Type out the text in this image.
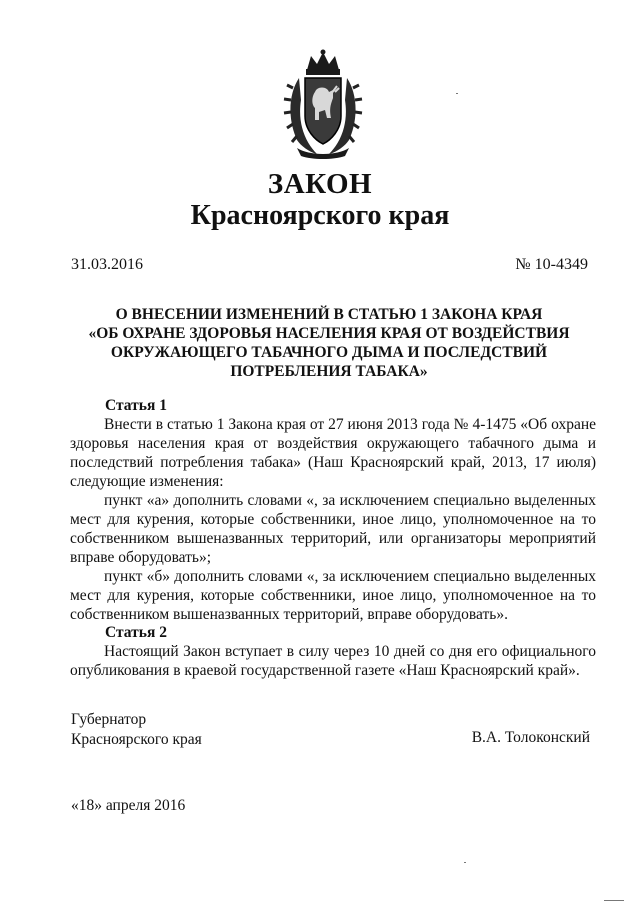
ЗАКОН
Красноярского края
31.03.2016	№ 10-4349
О ВНЕСЕНИИ ИЗМЕНЕНИЙ В СТАТЬЮ 1 ЗАКОНА КРАЯ
«ОБ ОХРАНЕ ЗДОРОВЬЯ НАСЕЛЕНИЯ КРАЯ ОТ ВОЗДЕЙСТВИЯ
ОКРУЖАЮЩЕГО ТАБАЧНОГО ДЫМА И ПОСЛЕДСТВИЙ
ПОТРЕБЛЕНИЯ ТАБАКА»
Статья 1

Внести в статью 1 Закона края от 27 июня 2013 года № 4-1475 «Об охране здоровья населения края от воздействия окружающего табачного дыма и последствий потребления табака» (Наш Красноярский край, 2013, 17 июля) следующие изменения:

пункт «а» дополнить словами «, за исключением специально выделенных мест для курения, которые собственники, иное лицо, уполномоченное на то собственником вышеназванных территорий, или организаторы мероприятий вправе оборудовать»;

пункт «б» дополнить словами «, за исключением специально выделенных мест для курения, которые собственники, иное лицо, уполномоченное на то собственником вышеназванных территорий, вправе оборудовать».

Статья 2

Настоящий Закон вступает в силу через 10 дней со дня его официального опубликования в краевой государственной газете «Наш Красноярский край».

Губернатор
Красноярского края	В.А. Толоконский
«18» апреля 2016
